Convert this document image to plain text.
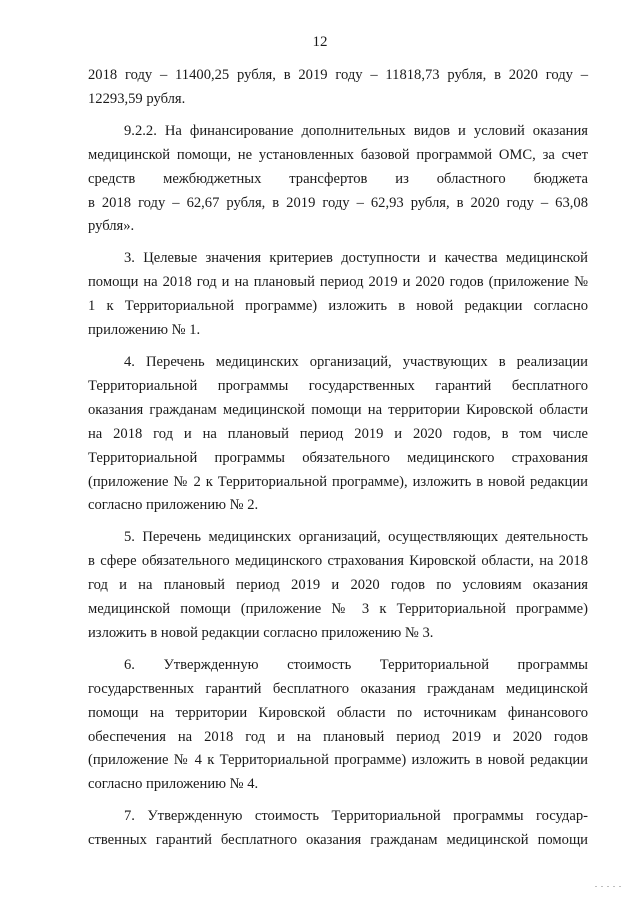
12
2018 году – 11400,25 рубля, в 2019 году – 11818,73 рубля, в 2020 году –
12293,59 рубля.
9.2.2. На финансирование дополнительных видов и условий оказания
медицинской помощи, не установленных базовой программой ОМС, за счет
средств межбюджетных трансфертов из областного бюджета
в 2018 году – 62,67 рубля, в 2019 году – 62,93 рубля, в 2020 году – 63,08
рубля».
3. Целевые значения критериев доступности и качества медицинской
помощи на 2018 год и на плановый период 2019 и 2020 годов (приложение №
1 к Территориальной программе) изложить в новой редакции согласно
приложению № 1.
4. Перечень медицинских организаций, участвующих в реализации
Территориальной программы государственных гарантий бесплатного
оказания гражданам медицинской помощи на территории Кировской области
на 2018 год и на плановый период 2019 и 2020 годов, в том числе
Территориальной программы обязательного медицинского страхования
(приложение № 2 к Территориальной программе), изложить в новой редакции
согласно приложению № 2.
5. Перечень медицинских организаций, осуществляющих деятельность
в сфере обязательного медицинского страхования Кировской области, на 2018
год и на плановый период 2019 и 2020 годов по условиям оказания
медицинской помощи (приложение № 3 к Территориальной программе)
изложить в новой редакции согласно приложению № 3.
6. Утвержденную стоимость Территориальной программы
государственных гарантий бесплатного оказания гражданам медицинской
помощи на территории Кировской области по источникам финансового
обеспечения на 2018 год и на плановый период 2019 и 2020 годов
(приложение № 4 к Территориальной программе) изложить в новой редакции
согласно приложению № 4.
7. Утвержденную стоимость Территориальной программы государ-
ственных гарантий бесплатного оказания гражданам медицинской помощи
. . . . .
